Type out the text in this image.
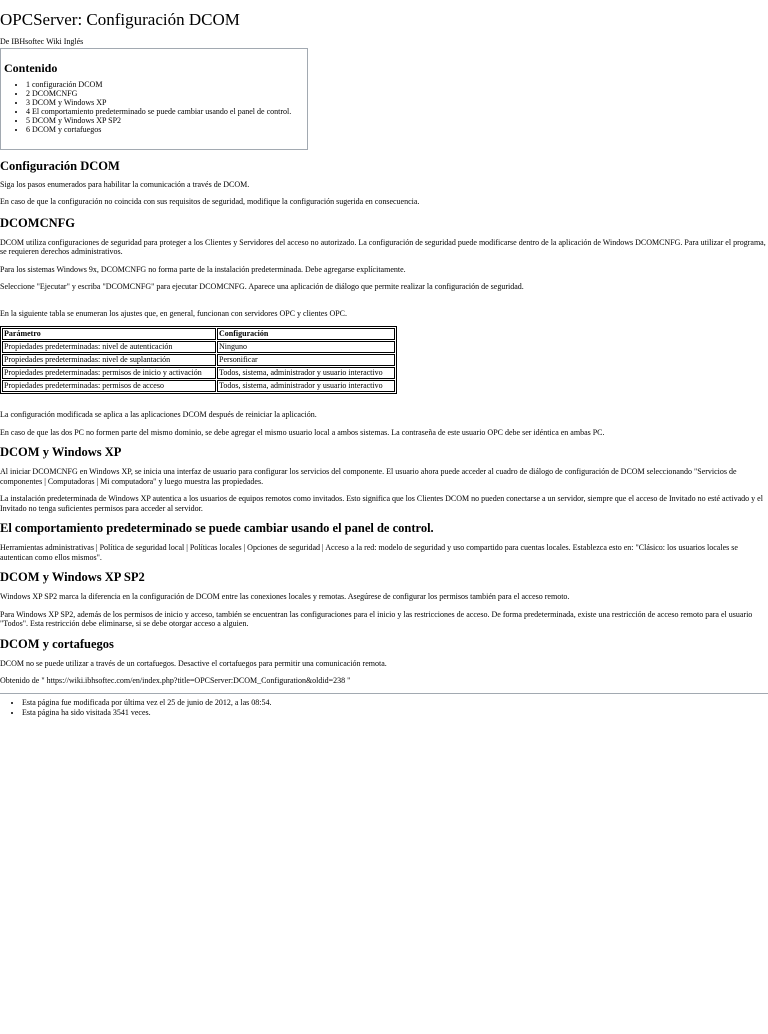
OPCServer: Configuración DCOM

De IBHsoftec Wiki Inglés

Contenido
• 1 configuración DCOM
• 2 DCOMCNFG
• 3 DCOM y Windows XP
• 4 El comportamiento predeterminado se puede cambiar usando el panel de control.
• 5 DCOM y Windows XP SP2
• 6 DCOM y cortafuegos
Configuración DCOM

Siga los pasos enumerados para habilitar la comunicación a través de DCOM.

En caso de que la configuración no coincida con sus requisitos de seguridad, modifique la configuración sugerida en consecuencia.

DCOMCNFG

DCOM utiliza configuraciones de seguridad para proteger a los Clientes y Servidores del acceso no autorizado. La configuración de seguridad puede modificarse dentro de la aplicación de Windows DCOMCNFG. Para utilizar el programa, se requieren derechos administrativos.

Para los sistemas Windows 9x, DCOMCNFG no forma parte de la instalación predeterminada. Debe agregarse explícitamente.

Seleccione "Ejecutar" y escriba "DCOMCNFG" para ejecutar DCOMCNFG. Aparece una aplicación de diálogo que permite realizar la configuración de seguridad.

En la siguiente tabla se enumeran los ajustes que, en general, funcionan con servidores OPC y clientes OPC.

Parámetro	Configuración
Propiedades predeterminadas: nivel de autenticación	Ninguno
Propiedades predeterminadas: nivel de suplantación	Personificar
Propiedades predeterminadas: permisos de inicio y activación	Todos, sistema, administrador y usuario interactivo
Propiedades predeterminadas: permisos de acceso	Todos, sistema, administrador y usuario interactivo

La configuración modificada se aplica a las aplicaciones DCOM después de reiniciar la aplicación.

En caso de que las dos PC no formen parte del mismo dominio, se debe agregar el mismo usuario local a ambos sistemas. La contraseña de este usuario OPC debe ser idéntica en ambas PC.

DCOM y Windows XP

Al iniciar DCOMCNFG en Windows XP, se inicia una interfaz de usuario para configurar los servicios del componente. El usuario ahora puede acceder al cuadro de diálogo de configuración de DCOM seleccionando "Servicios de componentes | Computadoras | Mi computadora" y luego muestra las propiedades.

La instalación predeterminada de Windows XP autentica a los usuarios de equipos remotos como invitados. Esto significa que los Clientes DCOM no pueden conectarse a un servidor, siempre que el acceso de Invitado no esté activado y el Invitado no tenga suficientes permisos para acceder al servidor.

El comportamiento predeterminado se puede cambiar usando el panel de control.

Herramientas administrativas | Política de seguridad local | Políticas locales | Opciones de seguridad | Acceso a la red: modelo de seguridad y uso compartido para cuentas locales. Establezca esto en: "Clásico: los usuarios locales se autentican como ellos mismos".

DCOM y Windows XP SP2

Windows XP SP2 marca la diferencia en la configuración de DCOM entre las conexiones locales y remotas. Asegúrese de configurar los permisos también para el acceso remoto.

Para Windows XP SP2, además de los permisos de inicio y acceso, también se encuentran las configuraciones para el inicio y las restricciones de acceso. De forma predeterminada, existe una restricción de acceso remoto para el usuario "Todos". Esta restricción debe eliminarse, si se debe otorgar acceso a alguien.

DCOM y cortafuegos

DCOM no se puede utilizar a través de un cortafuegos. Desactive el cortafuegos para permitir una comunicación remota.

Obtenido de " https://wiki.ibhsoftec.com/en/index.php?title=OPCServer:DCOM_Configuration&oldid=238 "

• Esta página fue modificada por última vez el 25 de junio de 2012, a las 08:54.
• Esta página ha sido visitada 3541 veces.
